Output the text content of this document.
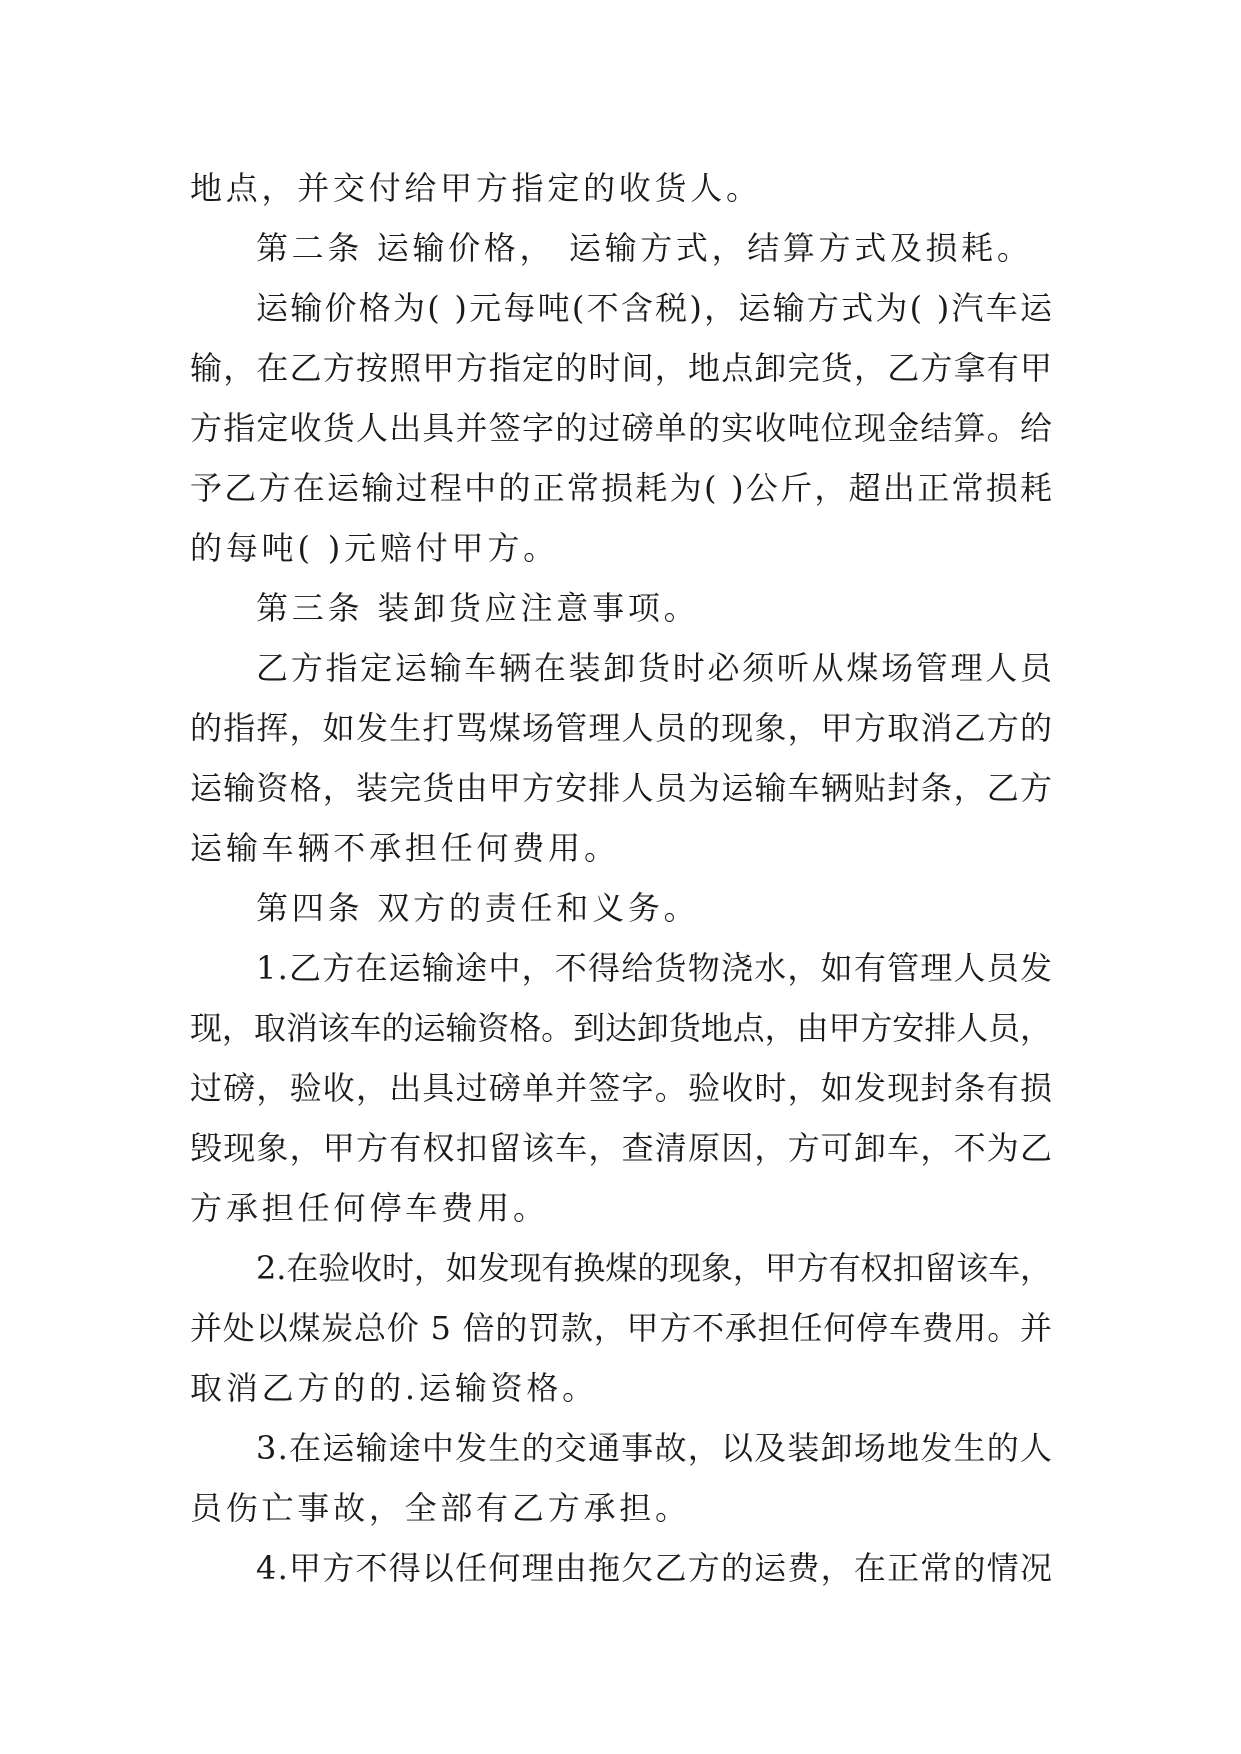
地点，并交付给甲方指定的收货人。
第二条 运输价格， 运输方式，结算方式及损耗。
运输价格为( )元每吨(不含税)，运输方式为( )汽车运
输，在乙方按照甲方指定的时间，地点卸完货，乙方拿有甲
方指定收货人出具并签字的过磅单的实收吨位现金结算。给
予乙方在运输过程中的正常损耗为( )公斤，超出正常损耗
的每吨( )元赔付甲方。
第三条 装卸货应注意事项。
乙方指定运输车辆在装卸货时必须听从煤场管理人员
的指挥，如发生打骂煤场管理人员的现象，甲方取消乙方的
运输资格，装完货由甲方安排人员为运输车辆贴封条，乙方
运输车辆不承担任何费用。
第四条 双方的责任和义务。
1.乙方在运输途中，不得给货物浇水，如有管理人员发
现，取消该车的运输资格。到达卸货地点，由甲方安排人员，
过磅，验收，出具过磅单并签字。验收时，如发现封条有损
毁现象，甲方有权扣留该车，查清原因，方可卸车，不为乙
方承担任何停车费用。
2.在验收时，如发现有换煤的现象，甲方有权扣留该车，
并处以煤炭总价 5 倍的罚款，甲方不承担任何停车费用。并
取消乙方的的.运输资格。
3.在运输途中发生的交通事故，以及装卸场地发生的人
员伤亡事故，全部有乙方承担。
4.甲方不得以任何理由拖欠乙方的运费，在正常的情况
